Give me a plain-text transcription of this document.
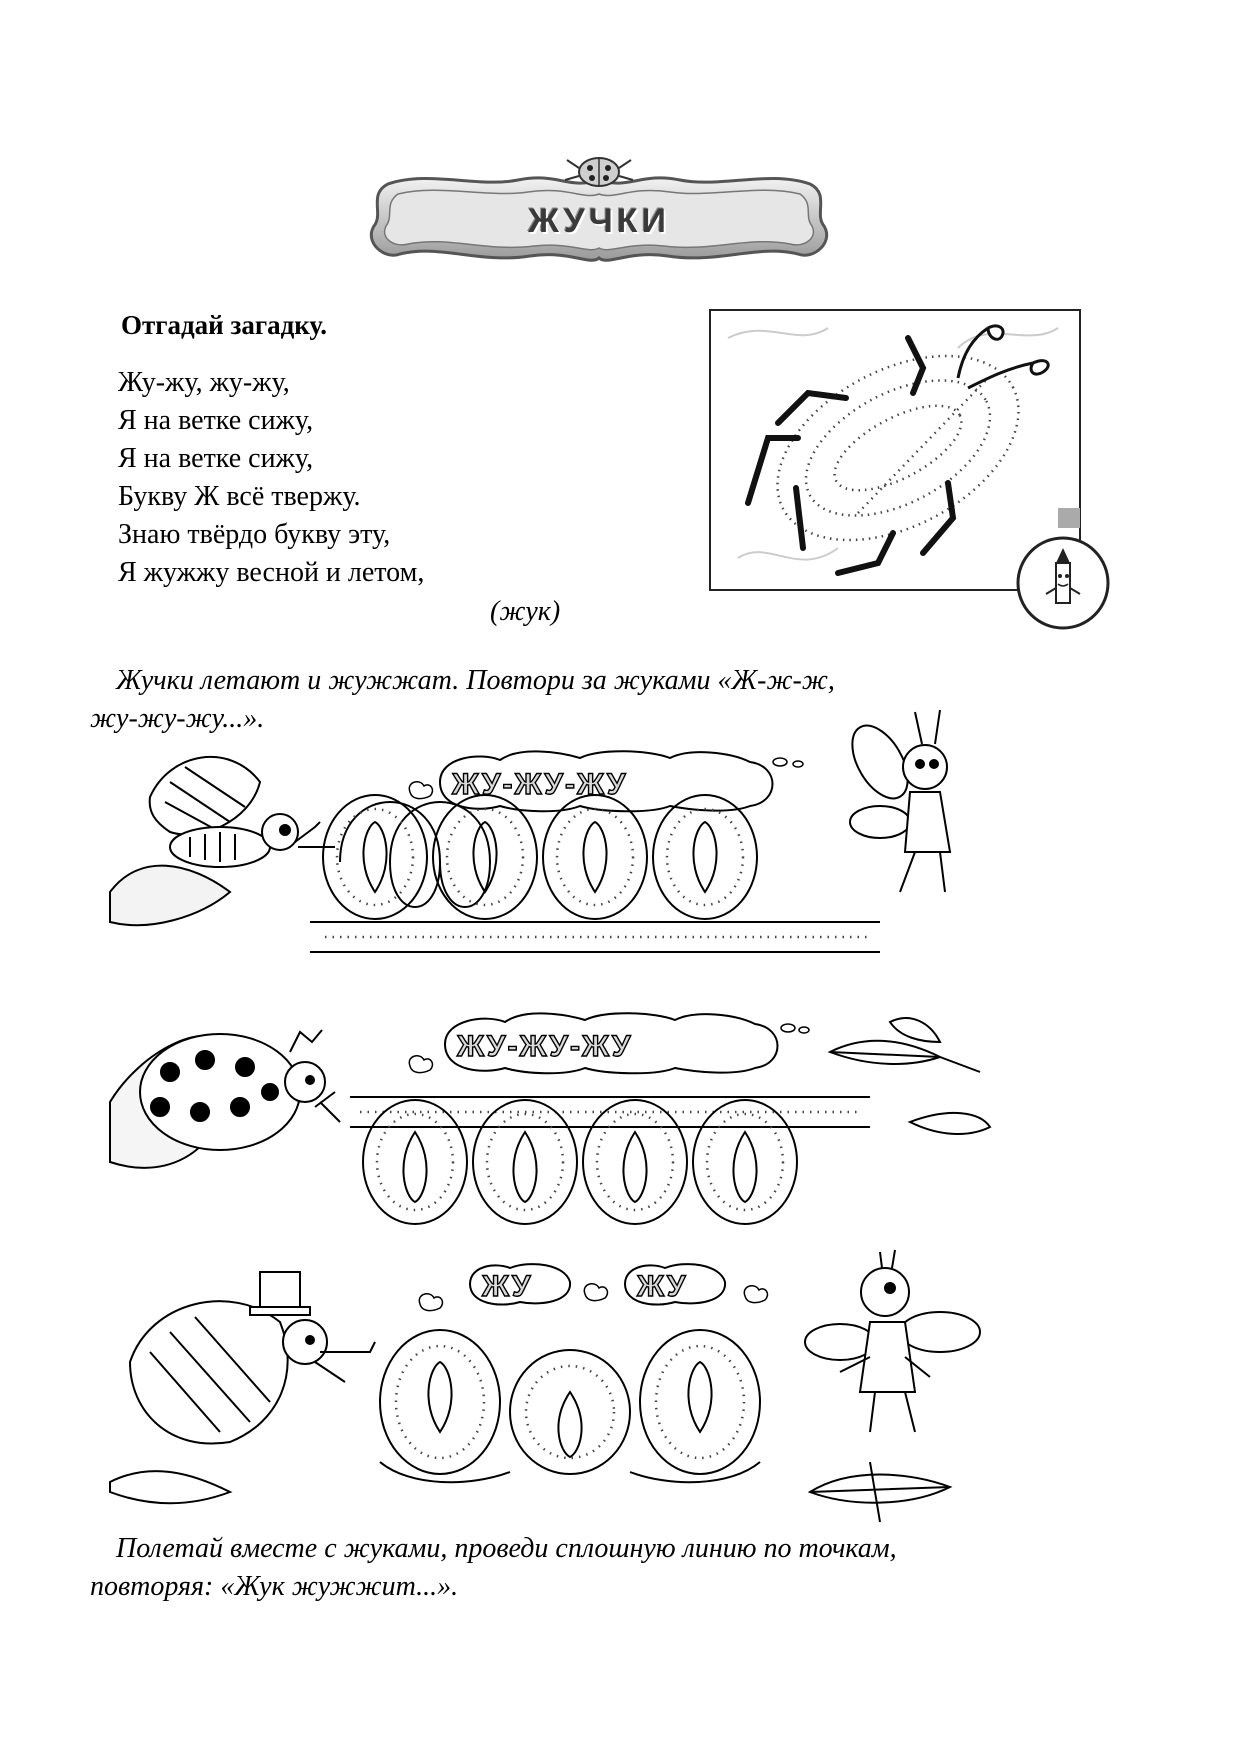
ЖУЧКИ
Отгадай загадку.
Жу-жу, жу-жу,
Я на ветке сижу,
Я на ветке сижу,
Букву Ж всё твержу.
Знаю твёрдо букву эту,
Я жужжу весной и летом,
(жук)
Жучки летают и жужжат. Повтори за жуками «Ж-ж-ж,
жу-жу-жу...».
ЖУ-ЖУ-ЖУ
ЖУ-ЖУ-ЖУ
ЖУ	ЖУ
Полетай вместе с жуками, проведи сплошную линию по точкам,
повторяя: «Жук жужжит...».
